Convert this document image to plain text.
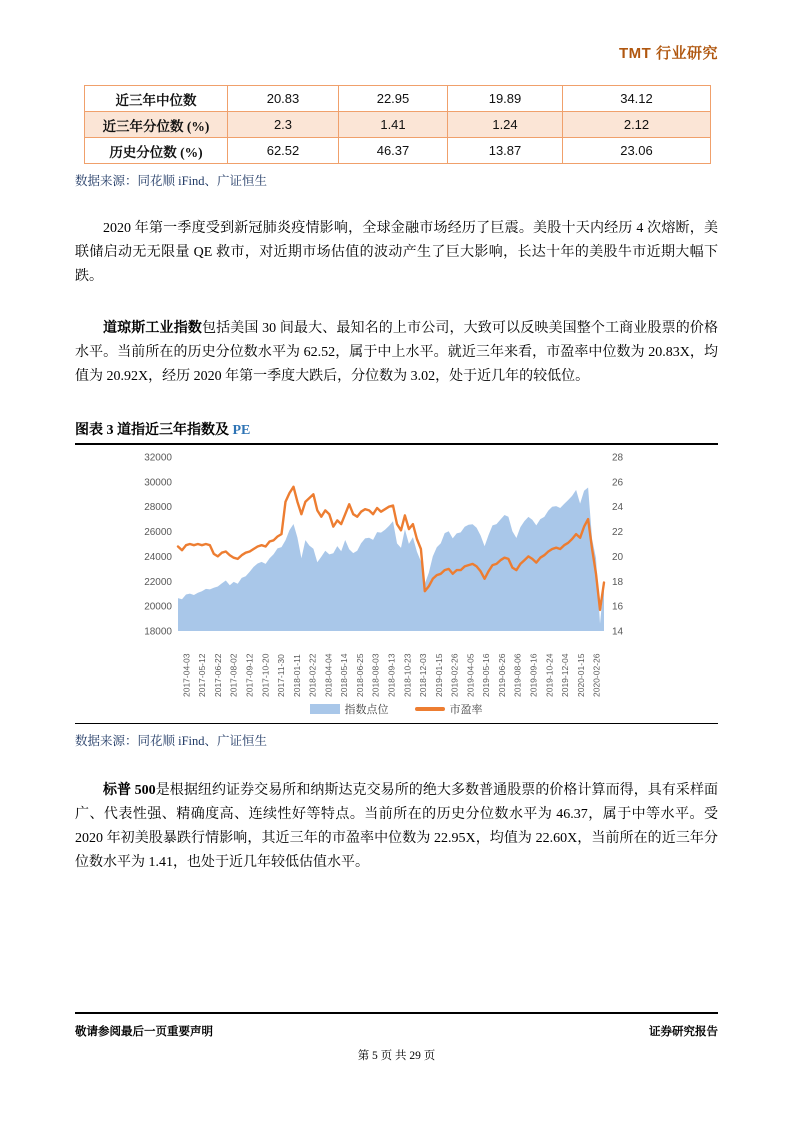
TMT 行业研究
近三年中位数	20.83	22.95	19.89	34.12
近三年分位数 (%)	2.3	1.41	1.24	2.12
历史分位数 (%)	62.52	46.37	13.87	23.06
数据来源：同花顺 iFind、广证恒生

2020 年第一季度受到新冠肺炎疫情影响，全球金融市场经历了巨震。美股十天内经历 4 次熔断，美联储启动无无限量 QE 救市，对近期市场估值的波动产生了巨大影响，长达十年的美股牛市近期大幅下跌。

道琼斯工业指数包括美国 30 间最大、最知名的上市公司，大致可以反映美国整个工商业股票的价格水平。当前所在的历史分位数水平为 62.52，属于中上水平。就近三年来看，市盈率中位数为 20.83X，均值为 20.92X，经历 2020 年第一季度大跌后，分位数为 3.02，处于近几年的较低位。

图表 3 道指近三年指数及 PE
18000
20000
22000
24000
26000
28000
30000
32000
14
16
18
20
22
24
26
28
2017-04-03 2017-05-12 2017-06-22 2017-08-02 2017-09-12 2017-10-20 2017-11-30 2018-01-11 2018-02-22 2018-04-04 2018-05-14 2018-06-25 2018-08-03 2018-09-13 2018-10-23 2018-12-03 2019-01-15 2019-02-26 2019-04-05 2019-05-16 2019-06-26 2019-08-06 2019-09-16 2019-10-24 2019-12-04 2020-01-15 2020-02-26
指数点位	市盈率
数据来源：同花顺 iFind、广证恒生

标普 500是根据纽约证券交易所和纳斯达克交易所的绝大多数普通股票的价格计算而得，具有采样面广、代表性强、精确度高、连续性好等特点。当前所在的历史分位数水平为 46.37，属于中等水平。受 2020 年初美股暴跌行情影响，其近三年的市盈率中位数为 22.95X，均值为 22.60X，当前所在的近三年分位数水平为 1.41，也处于近几年较低估值水平。

敬请参阅最后一页重要声明	证券研究报告
第 5 页 共 29 页
